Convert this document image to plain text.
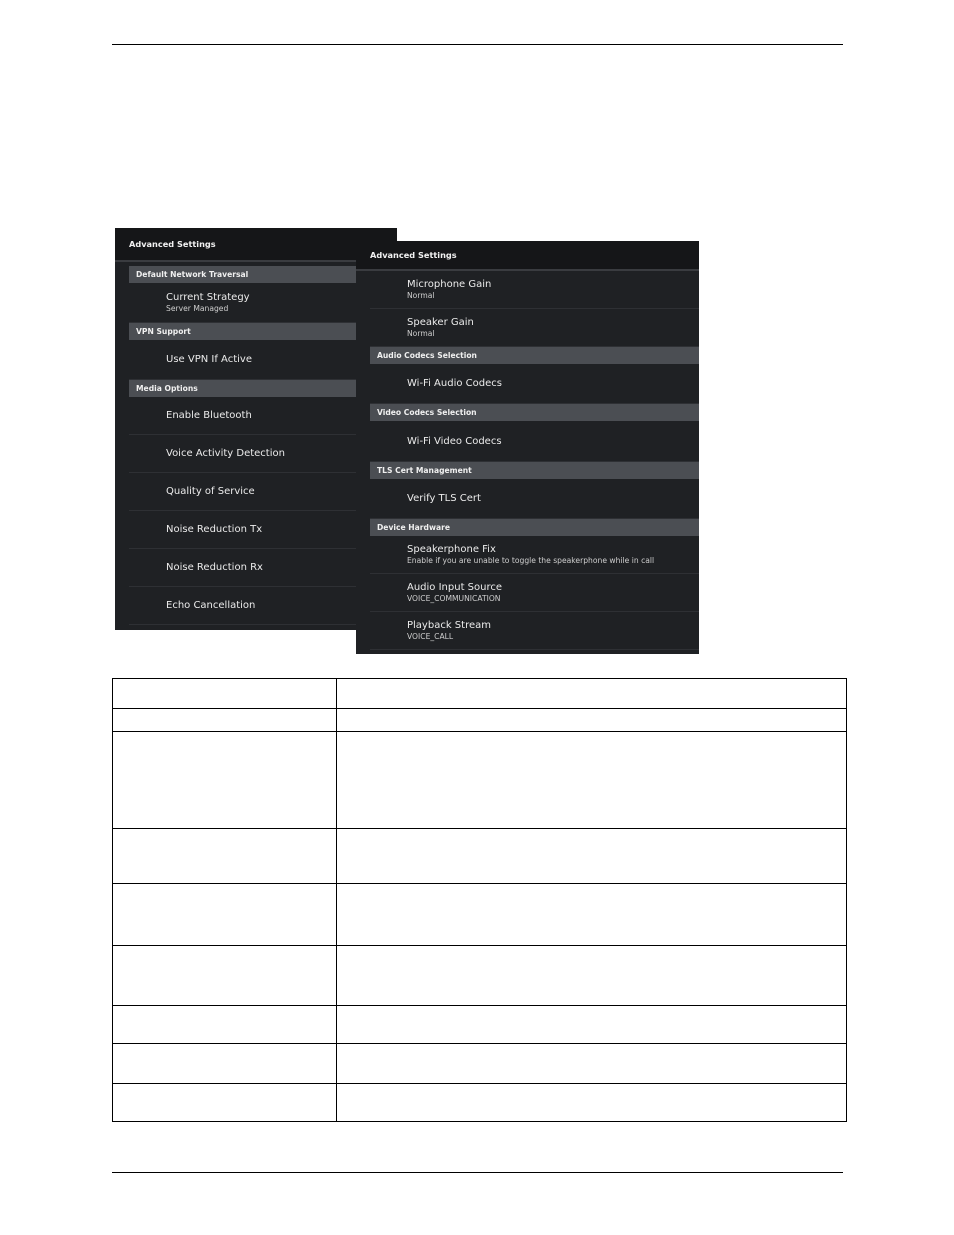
Advanced Settings
Default Network Traversal
Current Strategy
Server Managed
VPN Support
Use VPN If Active
Media Options
Enable Bluetooth
Voice Activity Detection
Quality of Service
Noise Reduction Tx
Noise Reduction Rx
Echo Cancellation
Advanced Settings
Microphone Gain
Normal
Speaker Gain
Normal
Audio Codecs Selection
Wi-Fi Audio Codecs
Video Codecs Selection
Wi-Fi Video Codecs
TLS Cert Management
Verify TLS Cert
Device Hardware
Speakerphone Fix
Enable if you are unable to toggle the speakerphone while in call
Audio Input Source
VOICE_COMMUNICATION
Playback Stream
VOICE_CALL
